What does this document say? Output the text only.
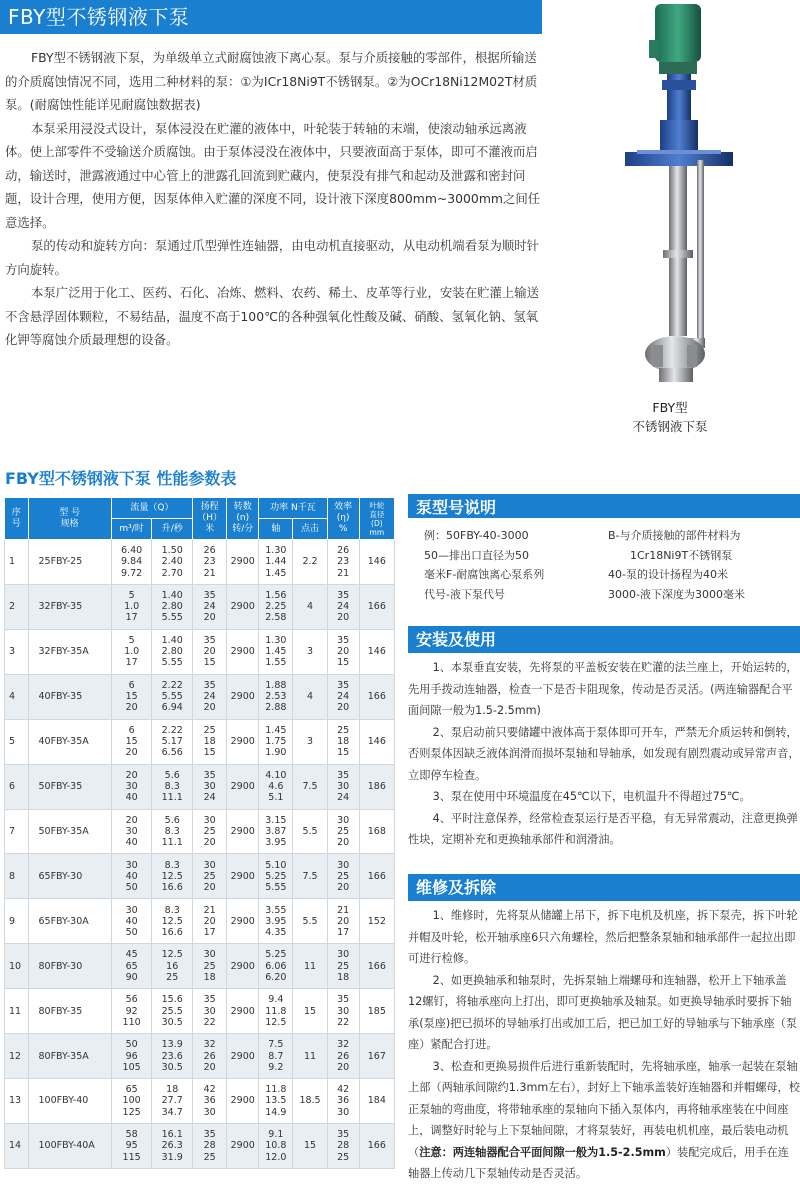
FBY型不锈钢液下泵

FBY型不锈钢液下泵，为单级单立式耐腐蚀液下离心泵。泵与介质接触的零部件，根据所输送的介质腐蚀情况不同，选用二种材料的泵：①为ICr18Ni9T不锈钢泵。②为OCr18Ni12M02T材质泵。(耐腐蚀性能详见耐腐蚀数据表)

本泵采用浸没式设计，泵体浸没在贮灌的液体中，叶轮装于转轴的末端，使滚动轴承远离液体。使上部零件不受输送介质腐蚀。由于泵体浸没在液体中，只要液面高于泵体，即可不灌液而启动，输送时，泄露液通过中心管上的泄露孔回流到贮藏内，使泵没有排气和起动及泄露和密封问题，设计合理，使用方便，因泵体伸入贮灌的深度不同，设计液下深度800mm~3000mm之间任意选择。

泵的传动和旋转方向：泵通过爪型弹性连轴器，由电动机直接驱动，从电动机端看泵为顺时针方向旋转。

本泵广泛用于化工、医药、石化、冶炼、燃料、农药、稀土、皮革等行业，安装在贮灌上输送不含悬浮固体颗粒，不易结晶，温度不高于100℃的各种强氧化性酸及碱、硝酸、氢氧化钠、氢氧化钾等腐蚀介质最理想的设备。

FBY型
不锈钢液下泵
FBY型不锈钢液下泵 性能参数表
序
号	型 号
规格	流量（Q）		扬程
（H）
米	转数
(n)
转/分	功率 N千瓦		效率
(η)
%	叶轮
直径
(D)
mm
		m³/时	升/秒			轴	点击		
1	25FBY-25	6.40
9.84
9.72	1.50
2.40
2.70	26
23
21	2900	1.30
1.44
1.45	2.2	26
23
21	146
2	32FBY-35	5
1.0
17	1.40
2.80
5.55	35
24
20	2900	1.56
2.25
2.58	4	35
24
20	166
3	32FBY-35A	5
1.0
17	1.40
2.80
5.55	35
20
15	2900	1.30
1.45
1.55	3	35
20
15	146
4	40FBY-35	6
15
20	2.22
5.55
6.94	35
24
20	2900	1.88
2.53
2.88	4	35
24
20	166
5	40FBY-35A	6
15
20	2.22
5.17
6.56	25
18
15	2900	1.45
1.75
1.90	3	25
18
15	146
6	50FBY-35	20
30
40	5.6
8.3
11.1	35
30
24	2900	4.10
4.6
5.1	7.5	35
30
24	186
7	50FBY-35A	20
30
40	5.6
8.3
11.1	30
25
20	2900	3.15
3.87
3.95	5.5	30
25
20	168
8	65FBY-30	30
40
50	8.3
12.5
16.6	30
25
20	2900	5.10
5.25
5.55	7.5	30
25
20	166
9	65FBY-30A	30
40
50	8.3
12.5
16.6	21
20
17	2900	3.55
3.95
4.35	5.5	21
20
17	152
10	80FBY-30	45
65
90	12.5
16
25	30
25
18	2900	5.25
6.06
6.20	11	30
25
18	166
11	80FBY-35	56
92
110	15.6
25.5
30.5	35
30
22	2900	9.4
11.8
12.5	15	35
30
22	185
12	80FBY-35A	50
96
105	13.9
23.6
30.5	32
26
20	2900	7.5
8.7
9.2	11	32
26
20	167
13	100FBY-40	65
100
125	18
27.7
34.7	42
36
30	2900	11.8
13.5
14.9	18.5	42
36
30	184
14	100FBY-40A	58
95
115	16.1
26.3
31.9	35
28
25	2900	9.1
10.8
12.0	15	35
28
25	166
泵型号说明
例：50FBY-40-3000
50—排出口直径为50
毫米F-耐腐蚀离心泵系列
代号-液下泵代号
B-与介质接触的部件材料为
1Cr18Ni9T不锈钢泵
40-泵的设计扬程为40米
3000-液下深度为3000毫米
安装及使用

1、本泵垂直安装，先将泵的平盖板安装在贮灌的法兰座上，开始运转的，先用手拨动连轴器，检查一下是否卡阻现象，传动是否灵活。(两连输器配合平面间隙一般为1.5-2.5mm)

2、泵启动前只要储罐中液体高于泵体即可开车，严禁无介质运转和倒转，否则泵体因缺乏液体润滑而损坏泵轴和导轴承，如发现有剧烈震动或异常声音，立即停车检查。

3、泵在使用中环境温度在45℃以下，电机温升不得超过75℃。

4、平时注意保养，经常检查泵运行是否平稳，有无异常震动，注意更换弹性块，定期补充和更换轴承部件和润滑油。

维修及拆除

1、维修时，先将泵从储罐上吊下，拆下电机及机座，拆下泵壳，拆下叶轮并帽及叶轮，松开轴承座6只六角螺栓，然后把整条泵轴和轴承部件一起拉出即可进行检修。

2、如更换轴承和轴泵时，先拆泵轴上端螺母和连轴器，松开上下轴承盖12螺钉，将轴承座向上打出，即可更换轴承及轴泵。如更换导轴承时要拆下轴承(泵座)把已损坏的导轴承打出或加工后，把已加工好的导轴承与下轴承座（泵座）紧配合打进。

3、松查和更换易损件后进行重新装配时，先将轴承座，轴承一起装在泵轴上部（两轴承间隙约1.3mm左右），封好上下轴承盖装好连轴器和并帽螺母，校正泵轴的弯曲度，将带轴承座的泵轴向下插入泵体内，再将轴承座装在中间座上，调整好时轮与上下泵轴间隙，才将泵装好，再装电机机座，最后装电动机（注意：两连轴器配合平面间隙一般为1.5-2.5mm）装配完成后，用手在连轴器上传动几下泵轴传动是否灵活。
